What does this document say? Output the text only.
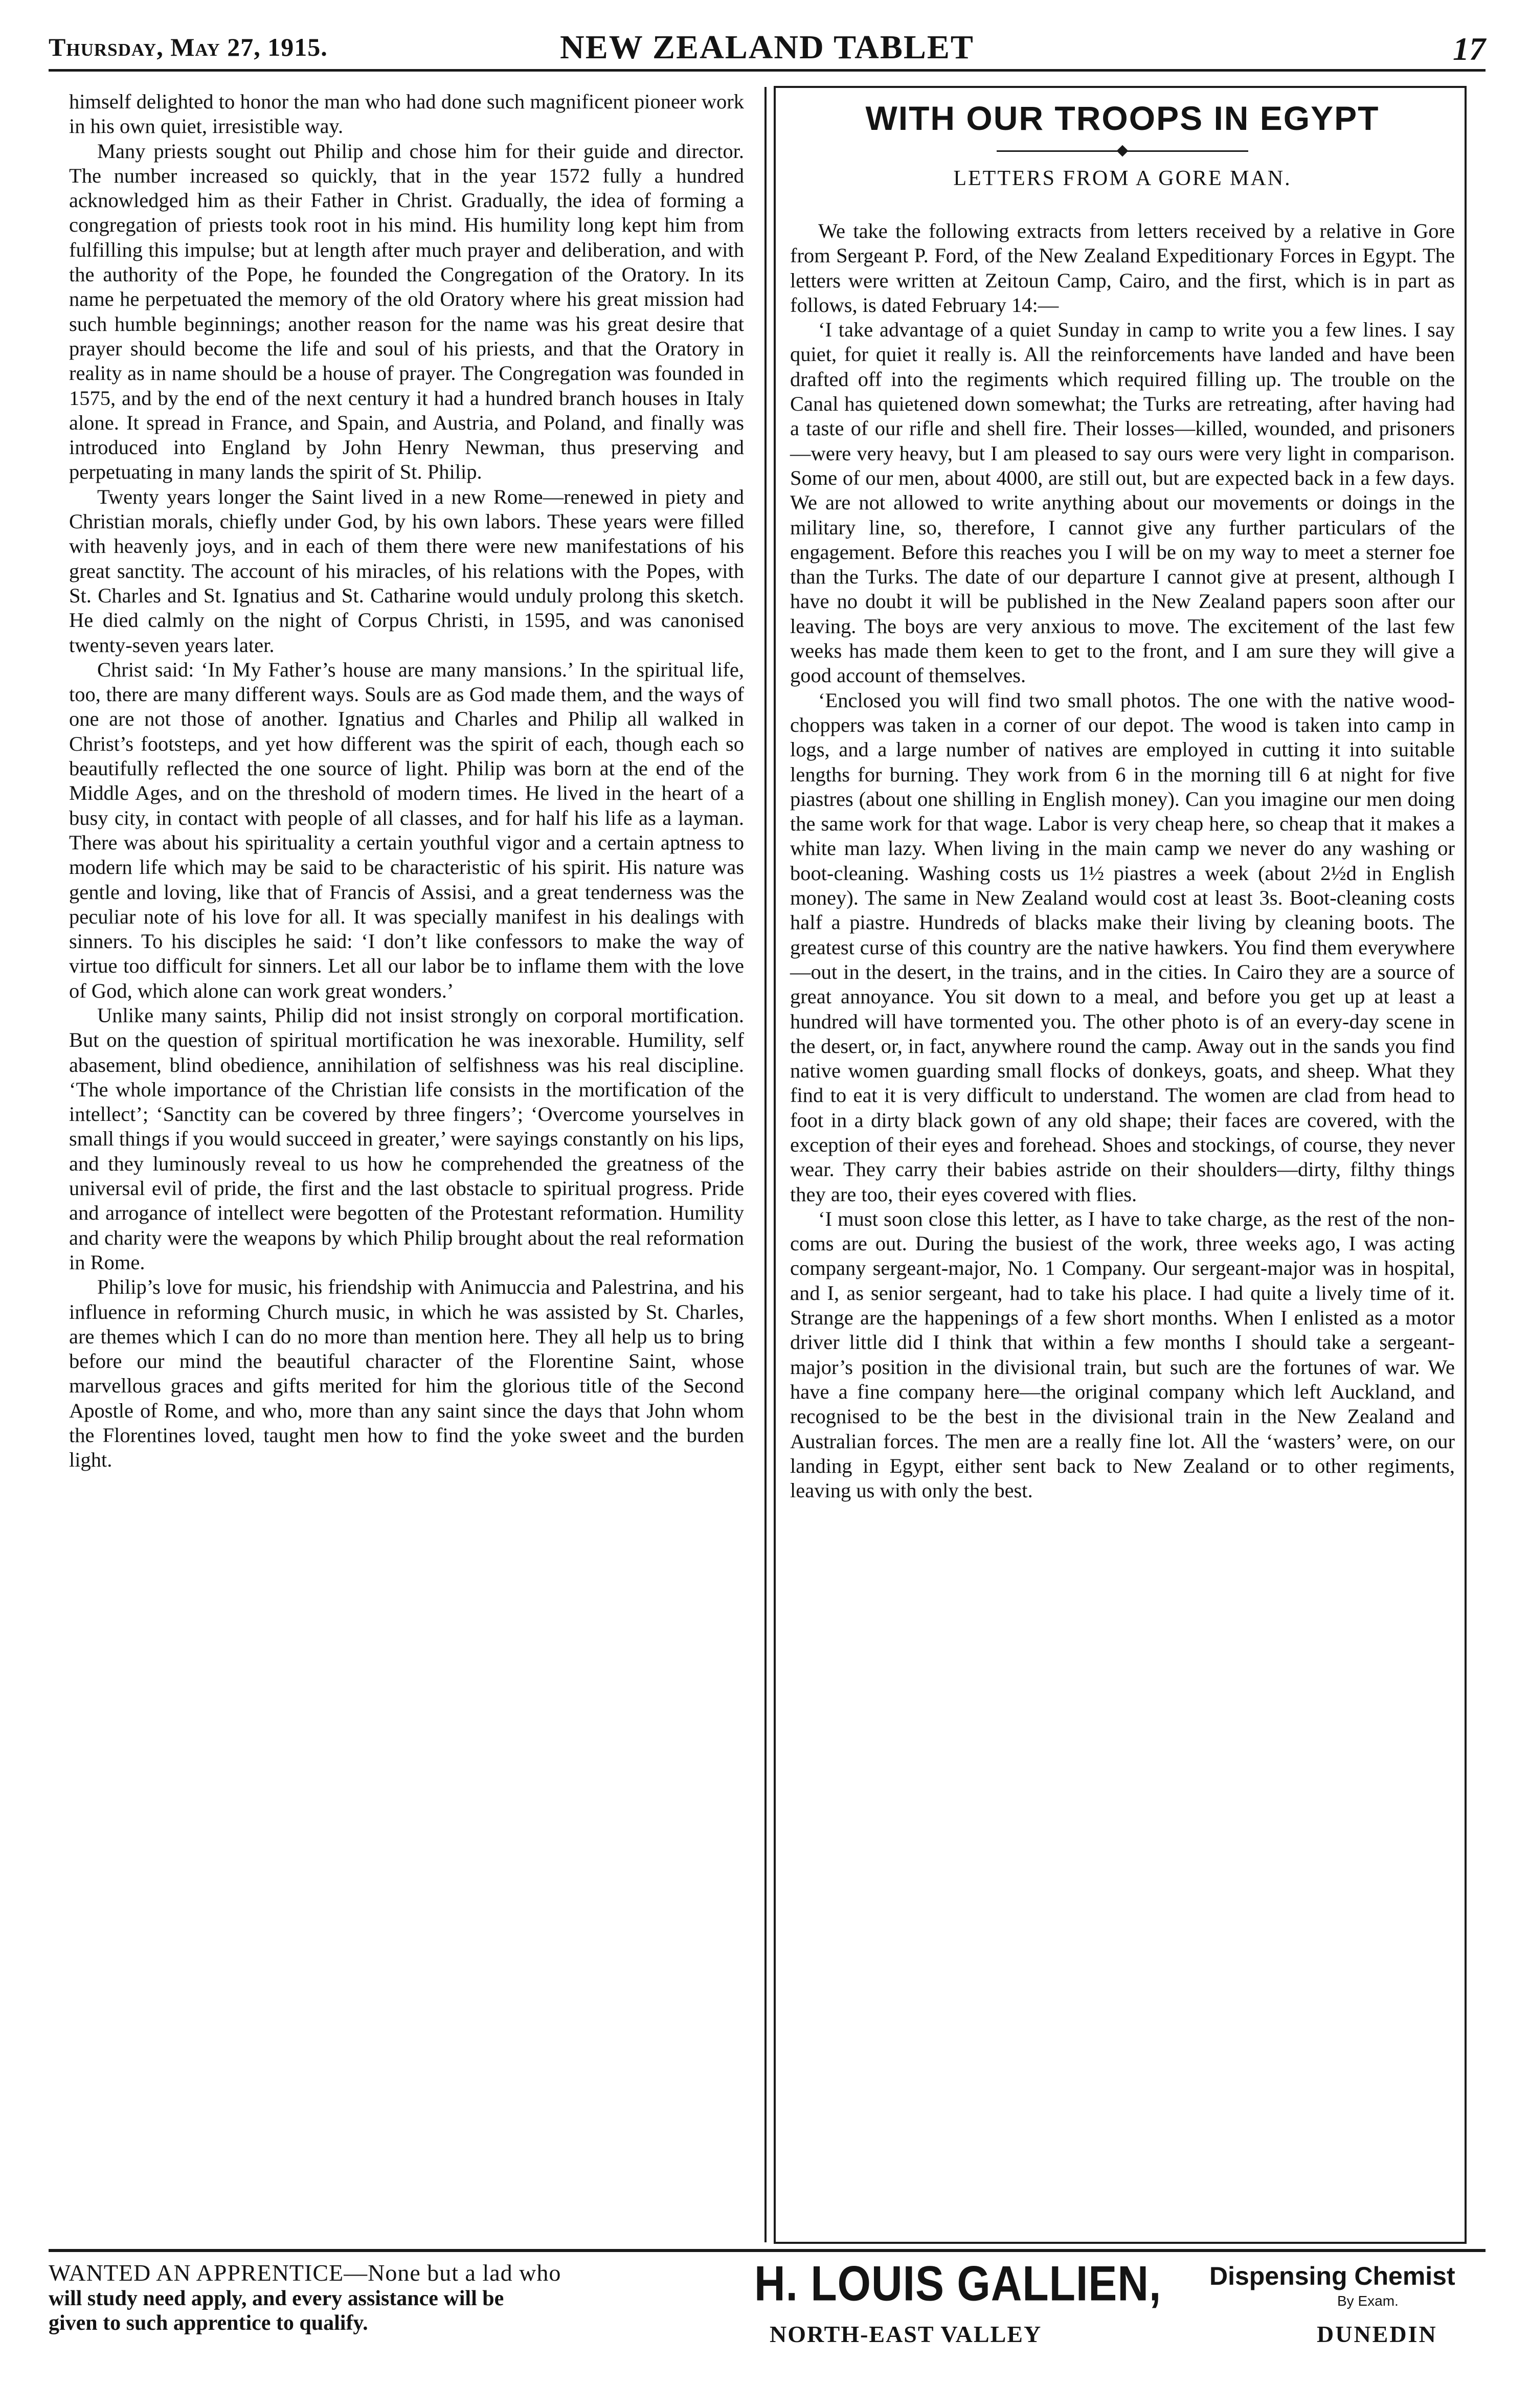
Thursday, May 27, 1915.	NEW ZEALAND TABLET	17

himself delighted to honor the man who had done such magnificent pioneer work in his own quiet, irresistible way.

Many priests sought out Philip and chose him for their guide and director. The number increased so quickly, that in the year 1572 fully a hundred acknowledged him as their Father in Christ. Gradually, the idea of forming a congregation of priests took root in his mind. His humility long kept him from fulfilling this impulse; but at length after much prayer and deliberation, and with the authority of the Pope, he founded the Congregation of the Oratory. In its name he perpetuated the memory of the old Oratory where his great mission had such humble beginnings; another reason for the name was his great desire that prayer should become the life and soul of his priests, and that the Oratory in reality as in name should be a house of prayer. The Congregation was founded in 1575, and by the end of the next century it had a hundred branch houses in Italy alone. It spread in France, and Spain, and Austria, and Poland, and finally was introduced into England by John Henry Newman, thus preserving and perpetuating in many lands the spirit of St. Philip.

Twenty years longer the Saint lived in a new Rome—renewed in piety and Christian morals, chiefly under God, by his own labors. These years were filled with heavenly joys, and in each of them there were new manifestations of his great sanctity. The account of his miracles, of his relations with the Popes, with St. Charles and St. Ignatius and St. Catharine would unduly prolong this sketch. He died calmly on the night of Corpus Christi, in 1595, and was canonised twenty-seven years later.

Christ said: ‘In My Father’s house are many mansions.’ In the spiritual life, too, there are many different ways. Souls are as God made them, and the ways of one are not those of another. Ignatius and Charles and Philip all walked in Christ’s footsteps, and yet how different was the spirit of each, though each so beautifully reflected the one source of light. Philip was born at the end of the Middle Ages, and on the threshold of modern times. He lived in the heart of a busy city, in contact with people of all classes, and for half his life as a layman. There was about his spirituality a certain youthful vigor and a certain aptness to modern life which may be said to be characteristic of his spirit. His nature was gentle and loving, like that of Francis of Assisi, and a great tenderness was the peculiar note of his love for all. It was specially manifest in his dealings with sinners. To his disciples he said: ‘I don’t like confessors to make the way of virtue too difficult for sinners. Let all our labor be to inflame them with the love of God, which alone can work great wonders.’

Unlike many saints, Philip did not insist strongly on corporal mortification. But on the question of spiritual mortification he was inexorable. Humility, self abasement, blind obedience, annihilation of selfishness was his real discipline. ‘The whole importance of the Christian life consists in the mortification of the intellect’; ‘Sanctity can be covered by three fingers’; ‘Overcome yourselves in small things if you would succeed in greater,’ were sayings constantly on his lips, and they luminously reveal to us how he comprehended the greatness of the universal evil of pride, the first and the last obstacle to spiritual progress. Pride and arrogance of intellect were begotten of the Protestant reformation. Humility and charity were the weapons by which Philip brought about the real reformation in Rome.

Philip’s love for music, his friendship with Animuccia and Palestrina, and his influence in reforming Church music, in which he was assisted by St. Charles, are themes which I can do no more than mention here. They all help us to bring before our mind the beautiful character of the Florentine Saint, whose marvellous graces and gifts merited for him the glorious title of the Second Apostle of Rome, and who, more than any saint since the days that John whom the Florentines loved, taught men how to find the yoke sweet and the burden light.

WITH OUR TROOPS IN EGYPT
LETTERS FROM A GORE MAN.

We take the following extracts from letters received by a relative in Gore from Sergeant P. Ford, of the New Zealand Expeditionary Forces in Egypt. The letters were written at Zeitoun Camp, Cairo, and the first, which is in part as follows, is dated February 14:—

‘I take advantage of a quiet Sunday in camp to write you a few lines. I say quiet, for quiet it really is. All the reinforcements have landed and have been drafted off into the regiments which required filling up. The trouble on the Canal has quietened down somewhat; the Turks are retreating, after having had a taste of our rifle and shell fire. Their losses—killed, wounded, and prisoners—were very heavy, but I am pleased to say ours were very light in comparison. Some of our men, about 4000, are still out, but are expected back in a few days. We are not allowed to write anything about our movements or doings in the military line, so, therefore, I cannot give any further particulars of the engagement. Before this reaches you I will be on my way to meet a sterner foe than the Turks. The date of our departure I cannot give at present, although I have no doubt it will be published in the New Zealand papers soon after our leaving. The boys are very anxious to move. The excitement of the last few weeks has made them keen to get to the front, and I am sure they will give a good account of themselves.

‘Enclosed you will find two small photos. The one with the native wood-choppers was taken in a corner of our depot. The wood is taken into camp in logs, and a large number of natives are employed in cutting it into suitable lengths for burning. They work from 6 in the morning till 6 at night for five piastres (about one shilling in English money). Can you imagine our men doing the same work for that wage. Labor is very cheap here, so cheap that it makes a white man lazy. When living in the main camp we never do any washing or boot-cleaning. Washing costs us 1½ piastres a week (about 2½d in English money). The same in New Zealand would cost at least 3s. Boot-cleaning costs half a piastre. Hundreds of blacks make their living by cleaning boots. The greatest curse of this country are the native hawkers. You find them everywhere—out in the desert, in the trains, and in the cities. In Cairo they are a source of great annoyance. You sit down to a meal, and before you get up at least a hundred will have tormented you. The other photo is of an every-day scene in the desert, or, in fact, anywhere round the camp. Away out in the sands you find native women guarding small flocks of donkeys, goats, and sheep. What they find to eat it is very difficult to understand. The women are clad from head to foot in a dirty black gown of any old shape; their faces are covered, with the exception of their eyes and forehead. Shoes and stockings, of course, they never wear. They carry their babies astride on their shoulders—dirty, filthy things they are too, their eyes covered with flies.

‘I must soon close this letter, as I have to take charge, as the rest of the non-coms are out. During the busiest of the work, three weeks ago, I was acting company sergeant-major, No. 1 Company. Our sergeant-major was in hospital, and I, as senior sergeant, had to take his place. I had quite a lively time of it. Strange are the happenings of a few short months. When I enlisted as a motor driver little did I think that within a few months I should take a sergeant-major’s position in the divisional train, but such are the fortunes of war. We have a fine company here—the original company which left Auckland, and recognised to be the best in the divisional train in the New Zealand and Australian forces. The men are a really fine lot. All the ‘wasters’ were, on our landing in Egypt, either sent back to New Zealand or to other regiments, leaving us with only the best.

WANTED AN APPRENTICE—None but a lad who
will study need apply, and every assistance will be
given to such apprentice to qualify.
H. LOUIS GALLIEN, Dispensing Chemist
By Exam.
NORTH-EAST VALLEY	DUNEDIN
